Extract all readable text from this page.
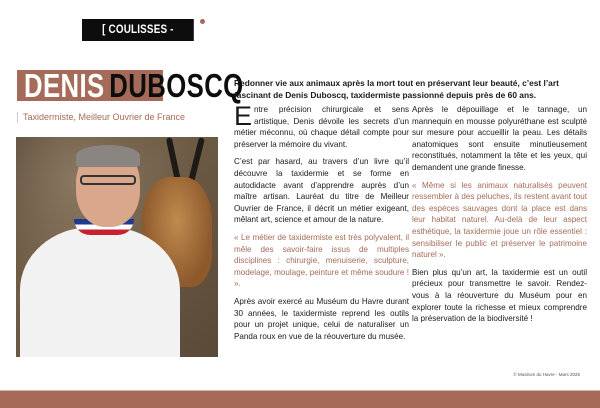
[ COULISSES - PORTRAIT ]
DENIS DUBOSCQ
Taxidermiste, Meilleur Ouvrier de France
Redonner vie aux animaux après la mort tout en préservant leur beauté, c’est l’art fascinant de Denis Duboscq, taxidermiste passionné depuis près de 60 ans.

Entre précision chirurgicale et sens artistique, Denis dévoile les secrets d’un métier méconnu, où chaque détail compte pour préserver la mémoire du vivant.

C’est par hasard, au travers d’un livre qu’il découvre la taxidermie et se forme en autodidacte avant d’apprendre auprès d’un maître artisan. Lauréat du titre de Meilleur Ouvrier de France, il décrit un métier exigeant, mêlant art, science et amour de la nature.

« Le métier de taxidermiste est très polyvalent, il mêle des savoir-faire issus de multiples disciplines : chirurgie, menuiserie, sculpture, modelage, moulage, peinture et même soudure ! ».

Après avoir exercé au Muséum du Havre durant 30 années, le taxidermiste reprend les outils pour un projet unique, celui de naturaliser un Panda roux en vue de la réouverture du musée.

Après le dépouillage et le tannage, un mannequin en mousse polyuréthane est sculpté sur mesure pour accueillir la peau. Les détails anatomiques sont ensuite minutieusement reconstitués, notamment la tête et les yeux, qui demandent une grande finesse.

« Même si les animaux naturalisés peuvent ressembler à des peluches, ils restent avant tout des espèces sauvages dont la place est dans leur habitat naturel. Au-delà de leur aspect esthétique, la taxidermie joue un rôle essentiel : sensibiliser le public et préserver le patrimoine naturel ».

Bien plus qu’un art, la taxidermie est un outil précieux pour transmettre le savoir. Rendez-vous à la réouverture du Muséum pour en explorer toute la richesse et mieux comprendre la préservation de la biodiversité !

© Muséum du Havre - Mars 2025
